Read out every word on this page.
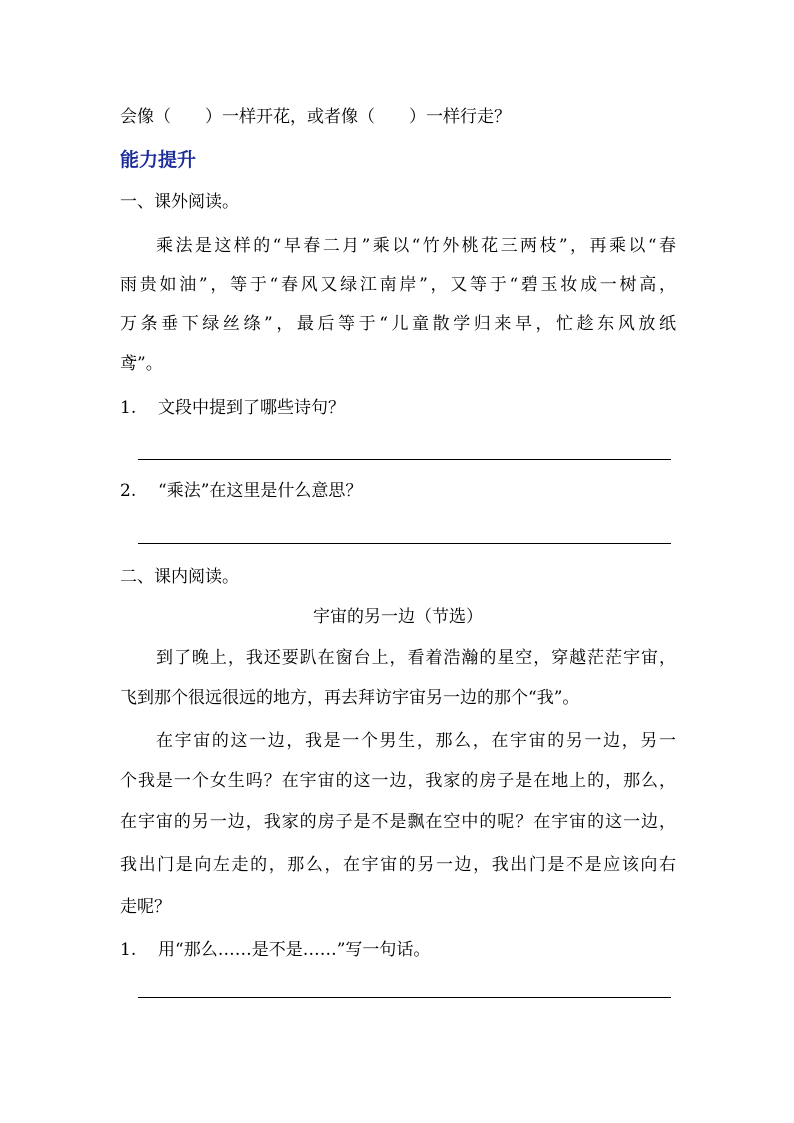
会像（　　）一样开花，或者像（　　）一样行走？
能力提升
一、课外阅读。
乘法是这样的“早春二月”乘以“竹外桃花三两枝”，再乘以“春
雨贵如油”，等于“春风又绿江南岸”，又等于“碧玉妆成一树高，
万条垂下绿丝绦”，最后等于“儿童散学归来早，忙趁东风放纸
鸢”。
1. 文段中提到了哪些诗句？
2. “乘法”在这里是什么意思？
二、课内阅读。
宇宙的另一边（节选）
到了晚上，我还要趴在窗台上，看着浩瀚的星空，穿越茫茫宇宙，
飞到那个很远很远的地方，再去拜访宇宙另一边的那个“我”。
在宇宙的这一边，我是一个男生，那么，在宇宙的另一边，另一
个我是一个女生吗？在宇宙的这一边，我家的房子是在地上的，那么，
在宇宙的另一边，我家的房子是不是飘在空中的呢？在宇宙的这一边，
我出门是向左走的，那么，在宇宙的另一边，我出门是不是应该向右
走呢？
1. 用“那么……是不是……”写一句话。
